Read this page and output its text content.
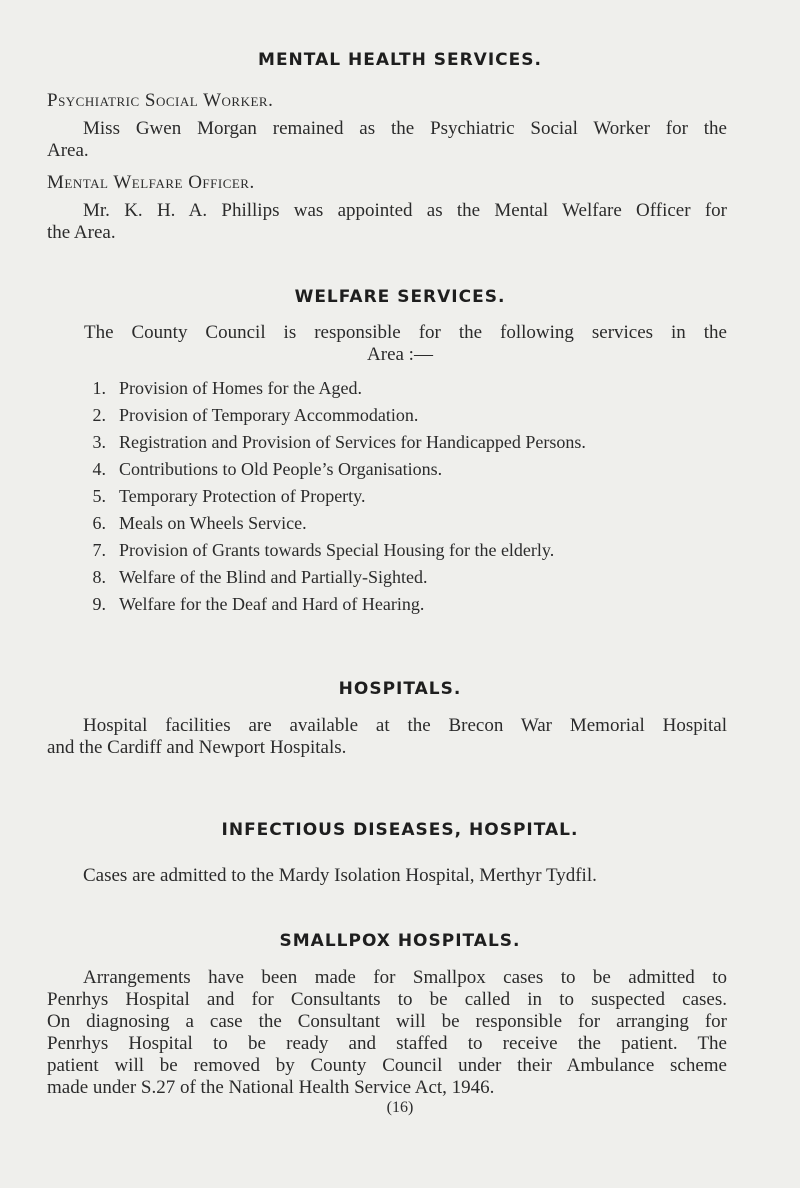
MENTAL HEALTH SERVICES.
Psychiatric Social Worker.
Miss Gwen Morgan remained as the Psychiatric Social Worker for the
Area.
Mental Welfare Officer.
Mr. K. H. A. Phillips was appointed as the Mental Welfare Officer for
the Area.
WELFARE SERVICES.
The County Council is responsible for the following services in the
Area :—
1. Provision of Homes for the Aged.
2. Provision of Temporary Accommodation.
3. Registration and Provision of Services for Handicapped Persons.
4. Contributions to Old People’s Organisations.
5. Temporary Protection of Property.
6. Meals on Wheels Service.
7. Provision of Grants towards Special Housing for the elderly.
8. Welfare of the Blind and Partially-Sighted.
9. Welfare for the Deaf and Hard of Hearing.
HOSPITALS.
Hospital facilities are available at the Brecon War Memorial Hospital
and the Cardiff and Newport Hospitals.
INFECTIOUS DISEASES, HOSPITAL.
Cases are admitted to the Mardy Isolation Hospital, Merthyr Tydfil.
SMALLPOX HOSPITALS.
Arrangements have been made for Smallpox cases to be admitted to
Penrhys Hospital and for Consultants to be called in to suspected cases.
On diagnosing a case the Consultant will be responsible for arranging for
Penrhys Hospital to be ready and staffed to receive the patient. The
patient will be removed by County Council under their Ambulance scheme
made under S.27 of the National Health Service Act, 1946.
(16)
